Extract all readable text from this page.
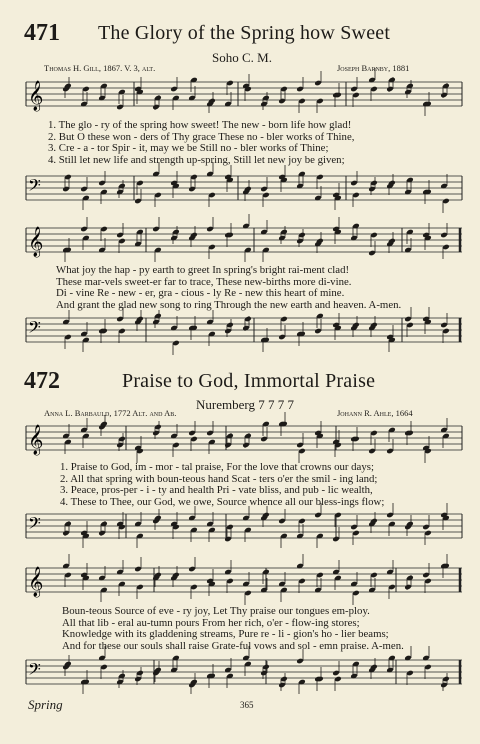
471 The Glory of the Spring how Sweet
Soho C. M.
Thomas H. Gill, 1867. V. 3, alt.	Joseph Barnby, 1881
𝄞
𝄢
1. The glo - ry of the spring how sweet! The new - born life how glad!
2. But O these won - ders of Thy grace These no - bler works of Thine,
3. Cre - a - tor Spir - it, may we be Still no - bler works of Thine;
4. Still let new life and strength up-spring, Still let new joy be given;
𝄞
What joy the hap - py earth to greet In spring's bright rai-ment clad!
These mar-vels sweet-er far to trace, These new-births more di-vine.
Di - vine Re - new - er, gra - cious - ly Re - new this heart of mine.
And grant the glad new song to ring Through the new earth and heaven. A-men.
𝄢
472	Praise to God, Immortal Praise
Nuremberg 7 7 7 7
Anna L. Barbauld, 1772 Alt. and Ab.	Johann R. Ahle, 1664
𝄞
1. Praise to God, im - mor - tal praise, For the love that crowns our days;
2. All that spring with boun-teous hand Scat - ters o'er the smil - ing land;
3. Peace, pros-per - i - ty and health Pri - vate bliss, and pub - lic wealth,
4. These to Thee, our God, we owe, Source whence all our bless-ings flow;
𝄢
𝄞
Boun-teous Source of eve - ry joy, Let Thy praise our tongues em-ploy.
All that lib - eral au-tumn pours From her rich, o'er - flow-ing stores;
Knowledge with its gladdening streams, Pure re - li - gion's ho - lier beams;
And for these our souls shall raise Grate-ful vows and sol - emn praise. A-men.
𝄢
Spring	365
